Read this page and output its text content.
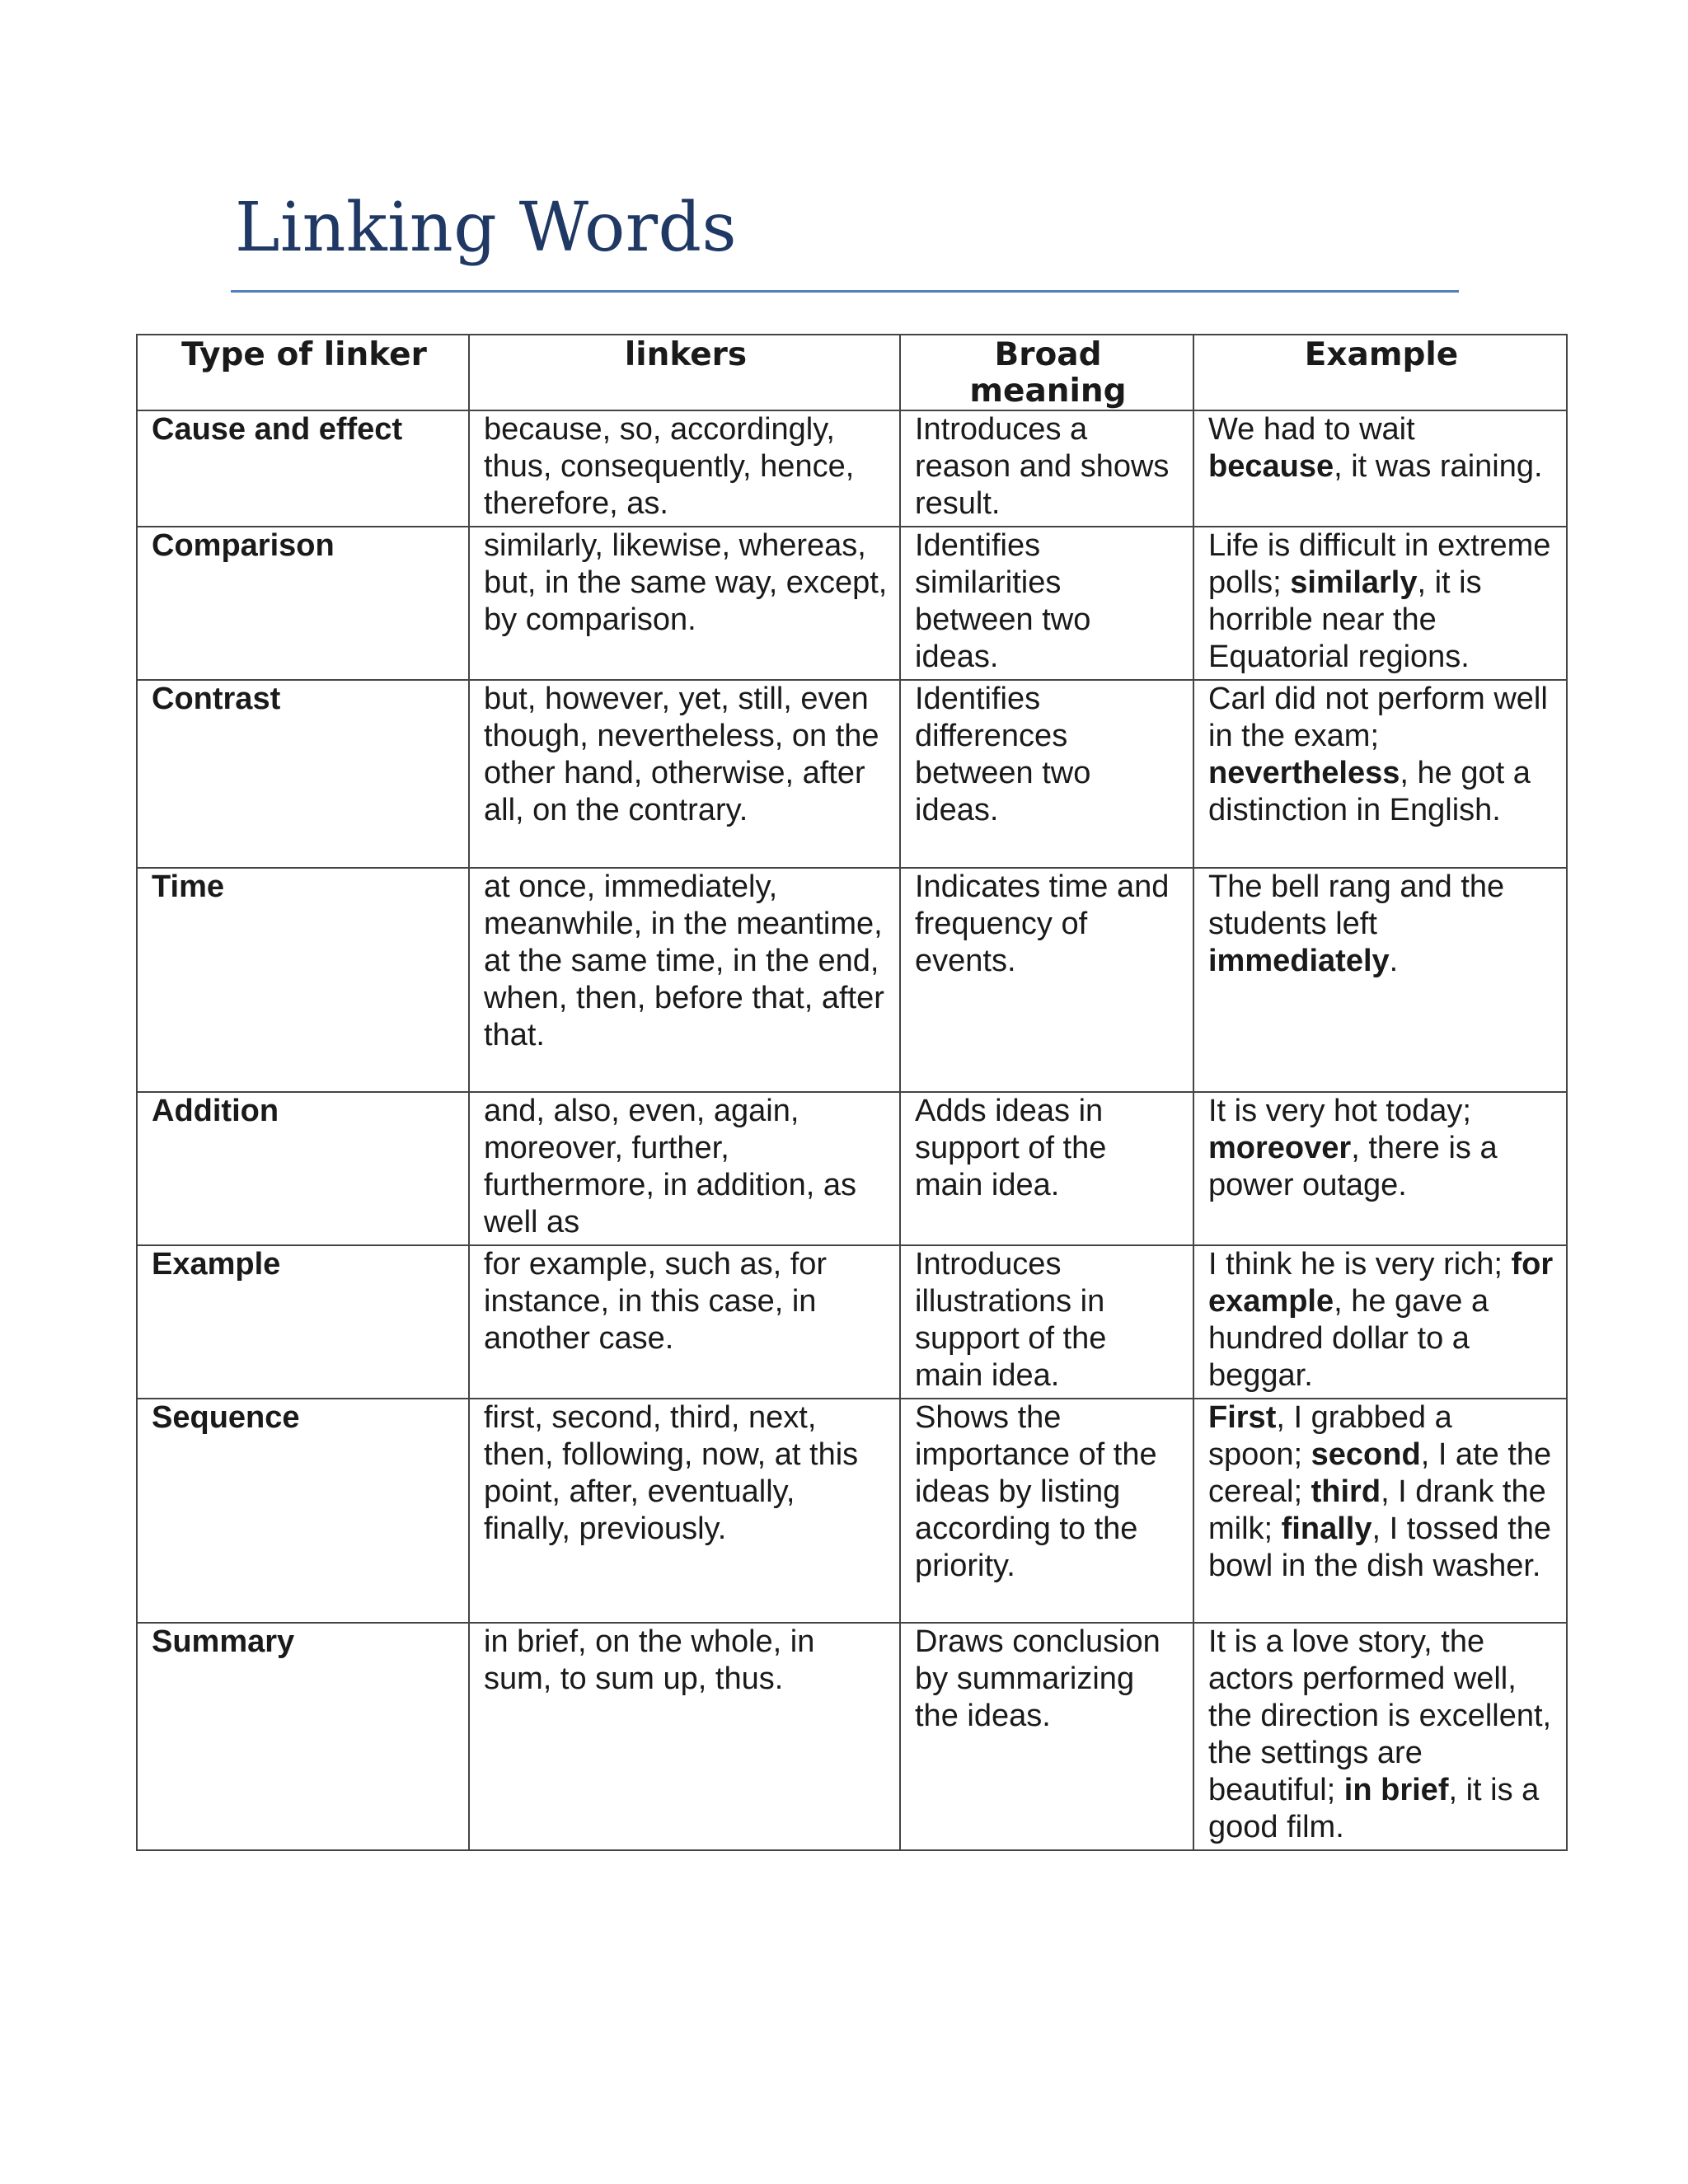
Linking Words
Type of linker	linkers	Broad meaning	Example
Cause and effect	because, so, accordingly, thus, consequently, hence, therefore, as.	Introduces a reason and shows result.	We had to wait because, it was raining.
Comparison	similarly, likewise, whereas, but, in the same way, except, by comparison.	Identifies similarities between two ideas.	Life is difficult in extreme polls; similarly, it is horrible near the Equatorial regions.
Contrast	but, however, yet, still, even though, nevertheless, on the other hand, otherwise, after all, on the contrary.	Identifies differences between two ideas.	Carl did not perform well in the exam; nevertheless, he got a distinction in English.
Time	at once, immediately, meanwhile, in the meantime, at the same time, in the end, when, then, before that, after that.	Indicates time and frequency of events.	The bell rang and the students left immediately.
Addition	and, also, even, again, moreover, further, furthermore, in addition, as well as	Adds ideas in support of the main idea.	It is very hot today; moreover, there is a power outage.
Example	for example, such as, for instance, in this case, in another case.	Introduces illustrations in support of the main idea.	I think he is very rich; for example, he gave a hundred dollar to a beggar.
Sequence	first, second, third, next, then, following, now, at this point, after, eventually, finally, previously.	Shows the importance of the ideas by listing according to the priority.	First, I grabbed a spoon; second, I ate the cereal; third, I drank the milk; finally, I tossed the bowl in the dish washer.
Summary	in brief, on the whole, in sum, to sum up, thus.	Draws conclusion by summarizing the ideas.	It is a love story, the actors performed well, the direction is excellent, the settings are beautiful; in brief, it is a good film.
